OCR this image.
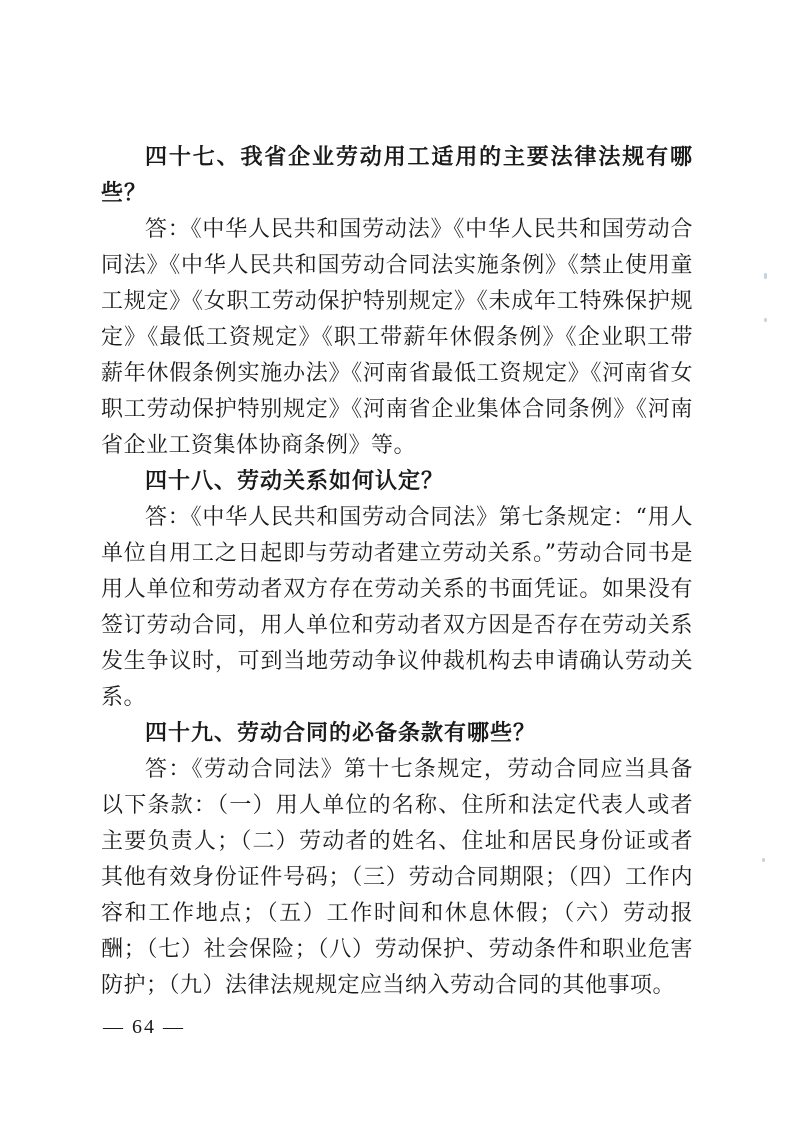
四十七、我省企业劳动用工适用的主要法律法规有哪些？

答：《中华人民共和国劳动法》《中华人民共和国劳动合同法》《中华人民共和国劳动合同法实施条例》《禁止使用童工规定》《女职工劳动保护特别规定》《未成年工特殊保护规定》《最低工资规定》《职工带薪年休假条例》《企业职工带薪年休假条例实施办法》《河南省最低工资规定》《河南省女职工劳动保护特别规定》《河南省企业集体合同条例》《河南省企业工资集体协商条例》等。

四十八、劳动关系如何认定？

答：《中华人民共和国劳动合同法》第七条规定：“用人单位自用工之日起即与劳动者建立劳动关系。”劳动合同书是用人单位和劳动者双方存在劳动关系的书面凭证。如果没有签订劳动合同，用人单位和劳动者双方因是否存在劳动关系发生争议时，可到当地劳动争议仲裁机构去申请确认劳动关系。

四十九、劳动合同的必备条款有哪些？

答：《劳动合同法》第十七条规定，劳动合同应当具备以下条款：（一）用人单位的名称、住所和法定代表人或者主要负责人；（二）劳动者的姓名、住址和居民身份证或者其他有效身份证件号码；（三）劳动合同期限；（四）工作内容和工作地点；（五）工作时间和休息休假；（六）劳动报酬；（七）社会保险；（八）劳动保护、劳动条件和职业危害防护；（九）法律法规规定应当纳入劳动合同的其他事项。

— 64 —
